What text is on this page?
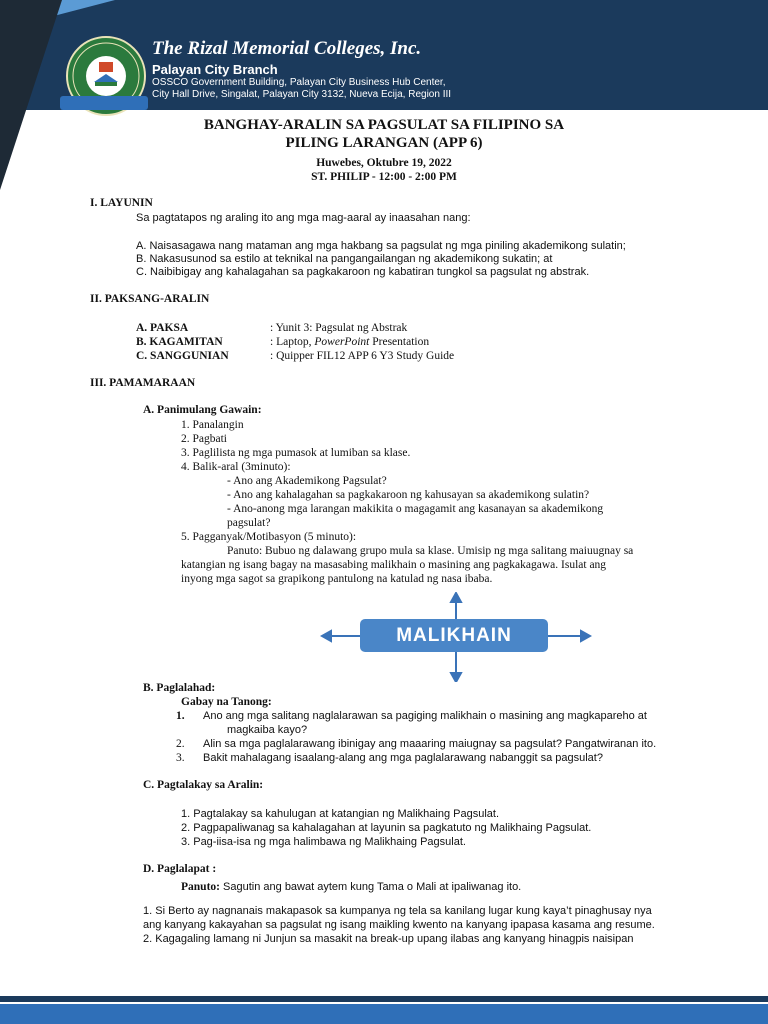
The Rizal Memorial Colleges, Inc.
Palayan City Branch
OSSCO Government Building, Palayan City Business Hub Center,
City Hall Drive, Singalat, Palayan City 3132, Nueva Ecija, Region III
BANGHAY-ARALIN SA PAGSULAT SA FILIPINO SA
PILING LARANGAN (APP 6)
Huwebes, Oktubre 19, 2022
ST. PHILIP - 12:00 - 2:00 PM
I. LAYUNIN
Sa pagtatapos ng araling ito ang mga mag-aaral ay inaasahan nang:
A. Naisasagawa nang mataman ang mga hakbang sa pagsulat ng mga piniling akademikong sulatin;
B. Nakasusunod sa estilo at teknikal na pangangailangan ng akademikong sukatin; at
C. Naibibigay ang kahalagahan sa pagkakaroon ng kabatiran tungkol sa pagsulat ng abstrak.
II. PAKSANG-ARALIN
A. PAKSA	: Yunit 3: Pagsulat ng Abstrak
B. KAGAMITAN	: Laptop, PowerPoint Presentation
C. SANGGUNIAN	: Quipper FIL12 APP 6 Y3 Study Guide
III. PAMAMARAAN
A. Panimulang Gawain:
1. Panalangin
2. Pagbati
3. Paglilista ng mga pumasok at lumiban sa klase.
4. Balik-aral (3minuto):
- Ano ang Akademikong Pagsulat?
- Ano ang kahalagahan sa pagkakaroon ng kahusayan sa akademikong sulatin?
- Ano-anong mga larangan makikita o magagamit ang kasanayan sa akademikong
pagsulat?
5. Pagganyak/Motibasyon (5 minuto):
Panuto: Bubuo ng dalawang grupo mula sa klase. Umisip ng mga salitang maiuugnay sa
katangian ng isang bagay na masasabing malikhain o masining ang pagkakagawa. Isulat ang
inyong mga sagot sa grapikong pantulong na katulad ng nasa ibaba.
MALIKHAIN
B. Paglalahad:
Gabay na Tanong:
1. Ano ang mga salitang naglalarawan sa pagiging malikhain o masining ang magkapareho at
magkaiba kayo?
2. Alin sa mga paglalarawang ibinigay ang maaaring maiugnay sa pagsulat? Pangatwiranan ito.
3. Bakit mahalagang isaalang-alang ang mga paglalarawang nabanggit sa pagsulat?
C. Pagtalakay sa Aralin:
1. Pagtalakay sa kahulugan at katangian ng Malikhaing Pagsulat.
2. Pagpapaliwanag sa kahalagahan at layunin sa pagkatuto ng Malikhaing Pagsulat.
3. Pag-iisa-isa ng mga halimbawa ng Malikhaing Pagsulat.
D. Paglalapat :
Panuto: Sagutin ang bawat aytem kung Tama o Mali at ipaliwanag ito.
1. Si Berto ay nagnanais makapasok sa kumpanya ng tela sa kanilang lugar kung kaya’t pinaghusay nya
ang kanyang kakayahan sa pagsulat ng isang maikling kwento na kanyang ipapasa kasama ang resume.
2. Kagagaling lamang ni Junjun sa masakit na break-up upang ilabas ang kanyang hinagpis naisipan
